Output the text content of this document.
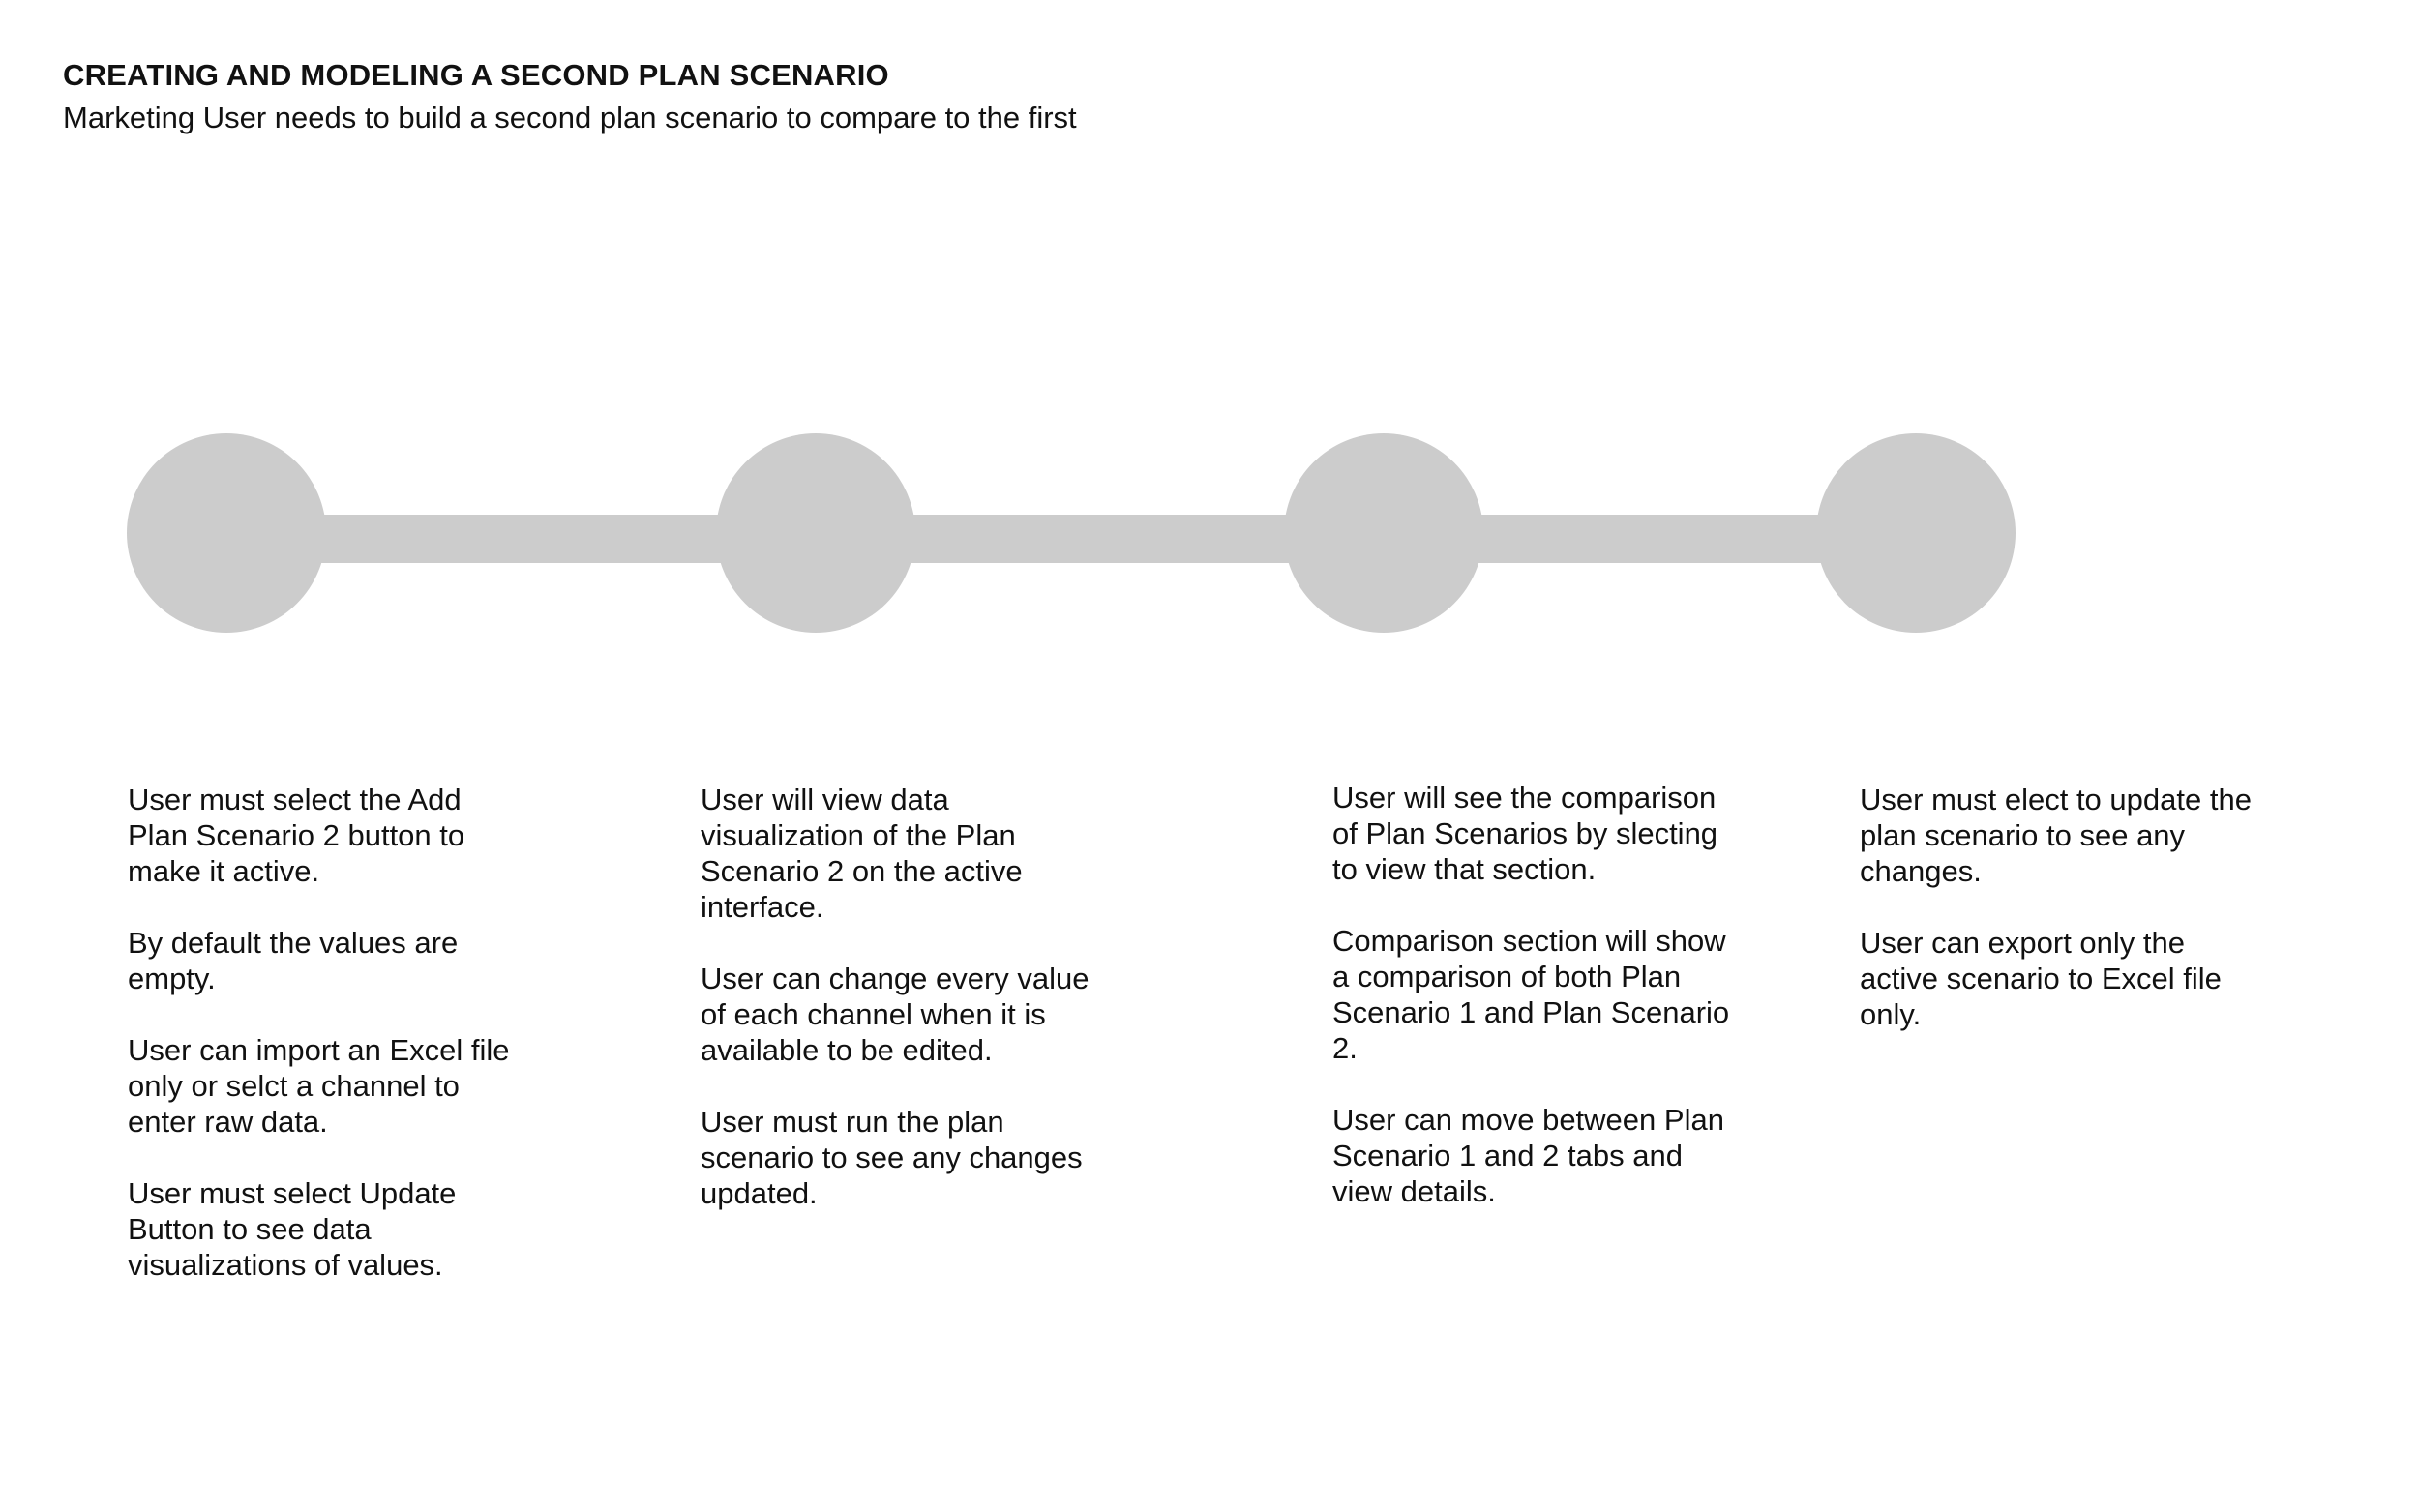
CREATING AND MODELING A SECOND PLAN SCENARIO

Marketing User needs to build a second plan scenario to compare to the first

User must select the Add
Plan Scenario 2 button to
make it active.

By default the values are
empty.

User can import an Excel file
only or selct a channel to
enter raw data.

User must select Update
Button to see data
visualizations of values.

User will view data
visualization of the Plan
Scenario 2 on the active
interface.

User can change every value
of each channel when it is
available to be edited.

User must run the plan
scenario to see any changes
updated.

User will see the comparison
of Plan Scenarios by slecting
to view that section.

Comparison section will show
a comparison of both Plan
Scenario 1 and Plan Scenario
2.

User can move between Plan
Scenario 1 and 2 tabs and
view details.

User must elect to update the
plan scenario to see any
changes.

User can export only the
active scenario to Excel file
only.
